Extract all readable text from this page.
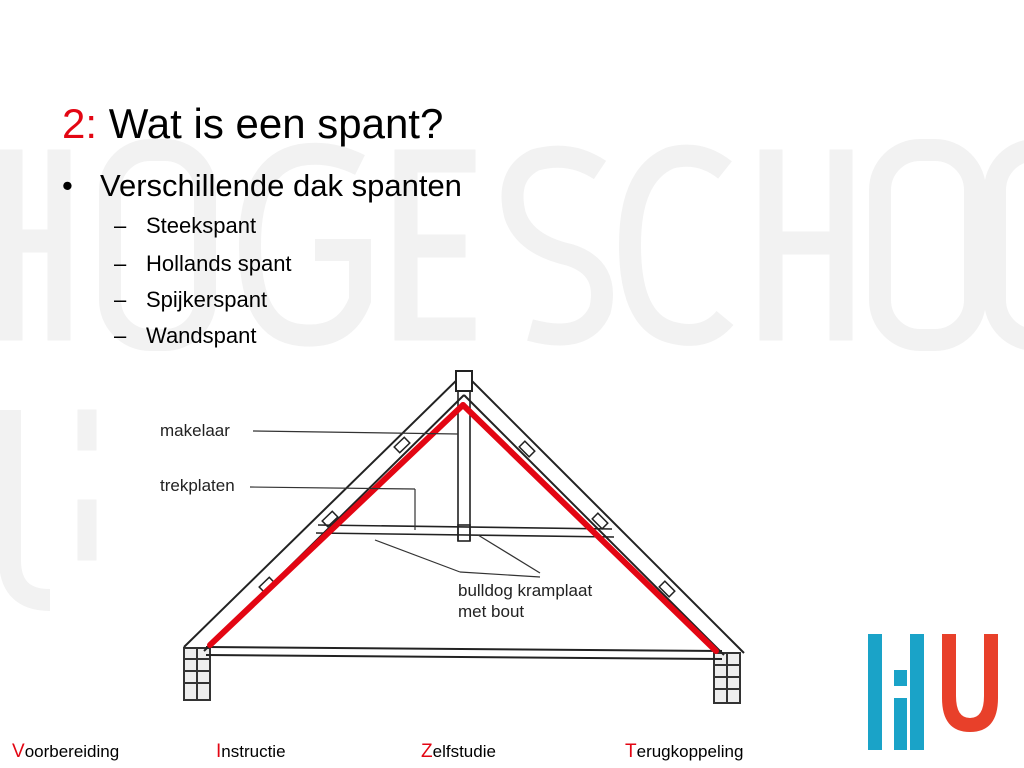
2: Wat is een spant?
• Verschillende dak spanten
– Steekspant
– Hollands spant
– Spijkerspant
– Wandspant
makelaar
trekplaten
bulldog kramplaat
met bout
Voorbereiding	Instructie	Zelfstudie	Terugkoppeling
